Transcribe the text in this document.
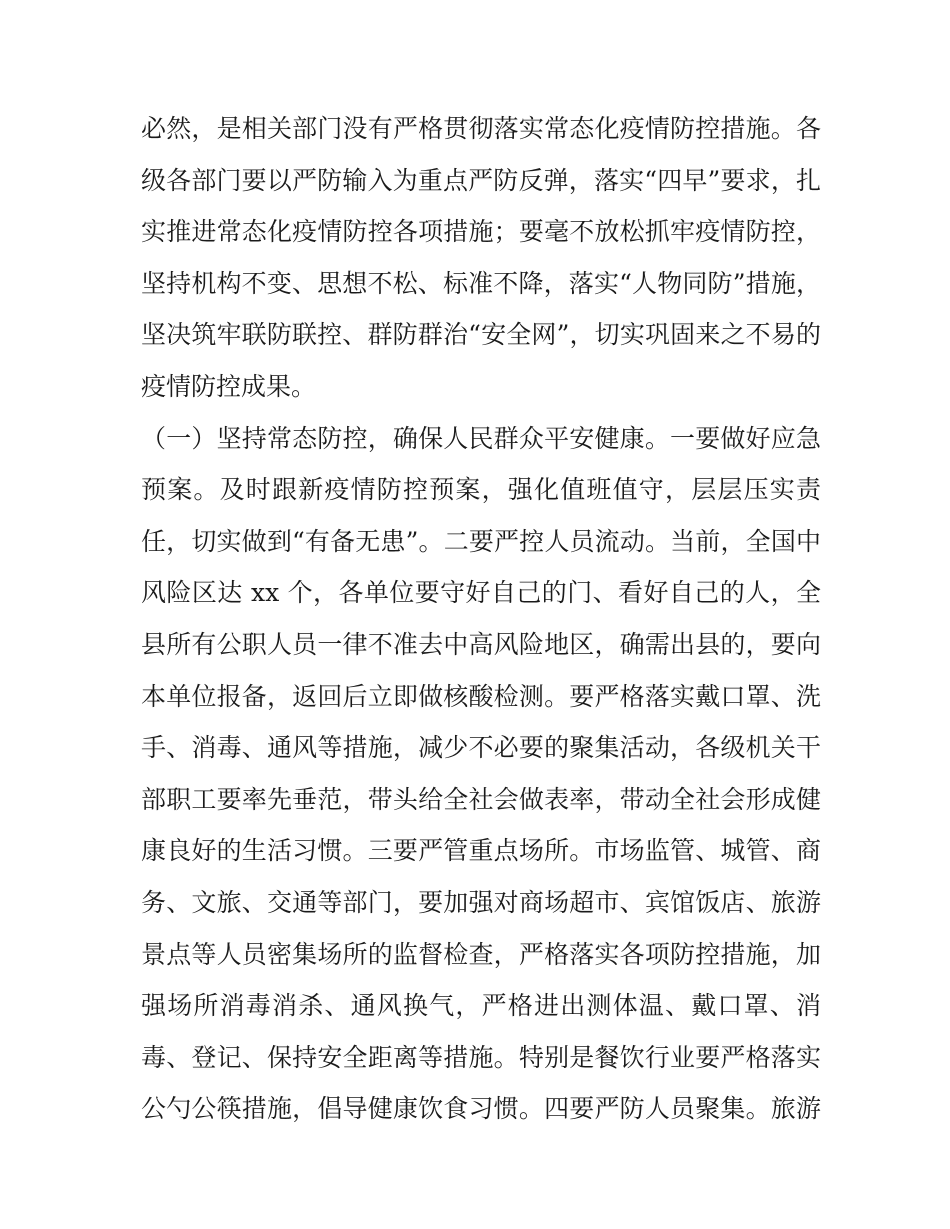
必然，是相关部门没有严格贯彻落实常态化疫情防控措施。各
级各部门要以严防输入为重点严防反弹，落实“四早”要求，扎
实推进常态化疫情防控各项措施；要毫不放松抓牢疫情防控，
坚持机构不变、思想不松、标准不降，落实“人物同防”措施，
坚决筑牢联防联控、群防群治“安全网”，切实巩固来之不易的
疫情防控成果。
（一）坚持常态防控，确保人民群众平安健康。一要做好应急
预案。及时跟新疫情防控预案，强化值班值守，层层压实责
任，切实做到“有备无患”。二要严控人员流动。当前，全国中
风险区达 xx 个，各单位要守好自己的门、看好自己的人，全
县所有公职人员一律不准去中高风险地区，确需出县的，要向
本单位报备，返回后立即做核酸检测。要严格落实戴口罩、洗
手、消毒、通风等措施，减少不必要的聚集活动，各级机关干
部职工要率先垂范，带头给全社会做表率，带动全社会形成健
康良好的生活习惯。三要严管重点场所。市场监管、城管、商
务、文旅、交通等部门，要加强对商场超市、宾馆饭店、旅游
景点等人员密集场所的监督检查，严格落实各项防控措施，加
强场所消毒消杀、通风换气，严格进出测体温、戴口罩、消
毒、登记、保持安全距离等措施。特别是餐饮行业要严格落实
公勺公筷措施，倡导健康饮食习惯。四要严防人员聚集。旅游
